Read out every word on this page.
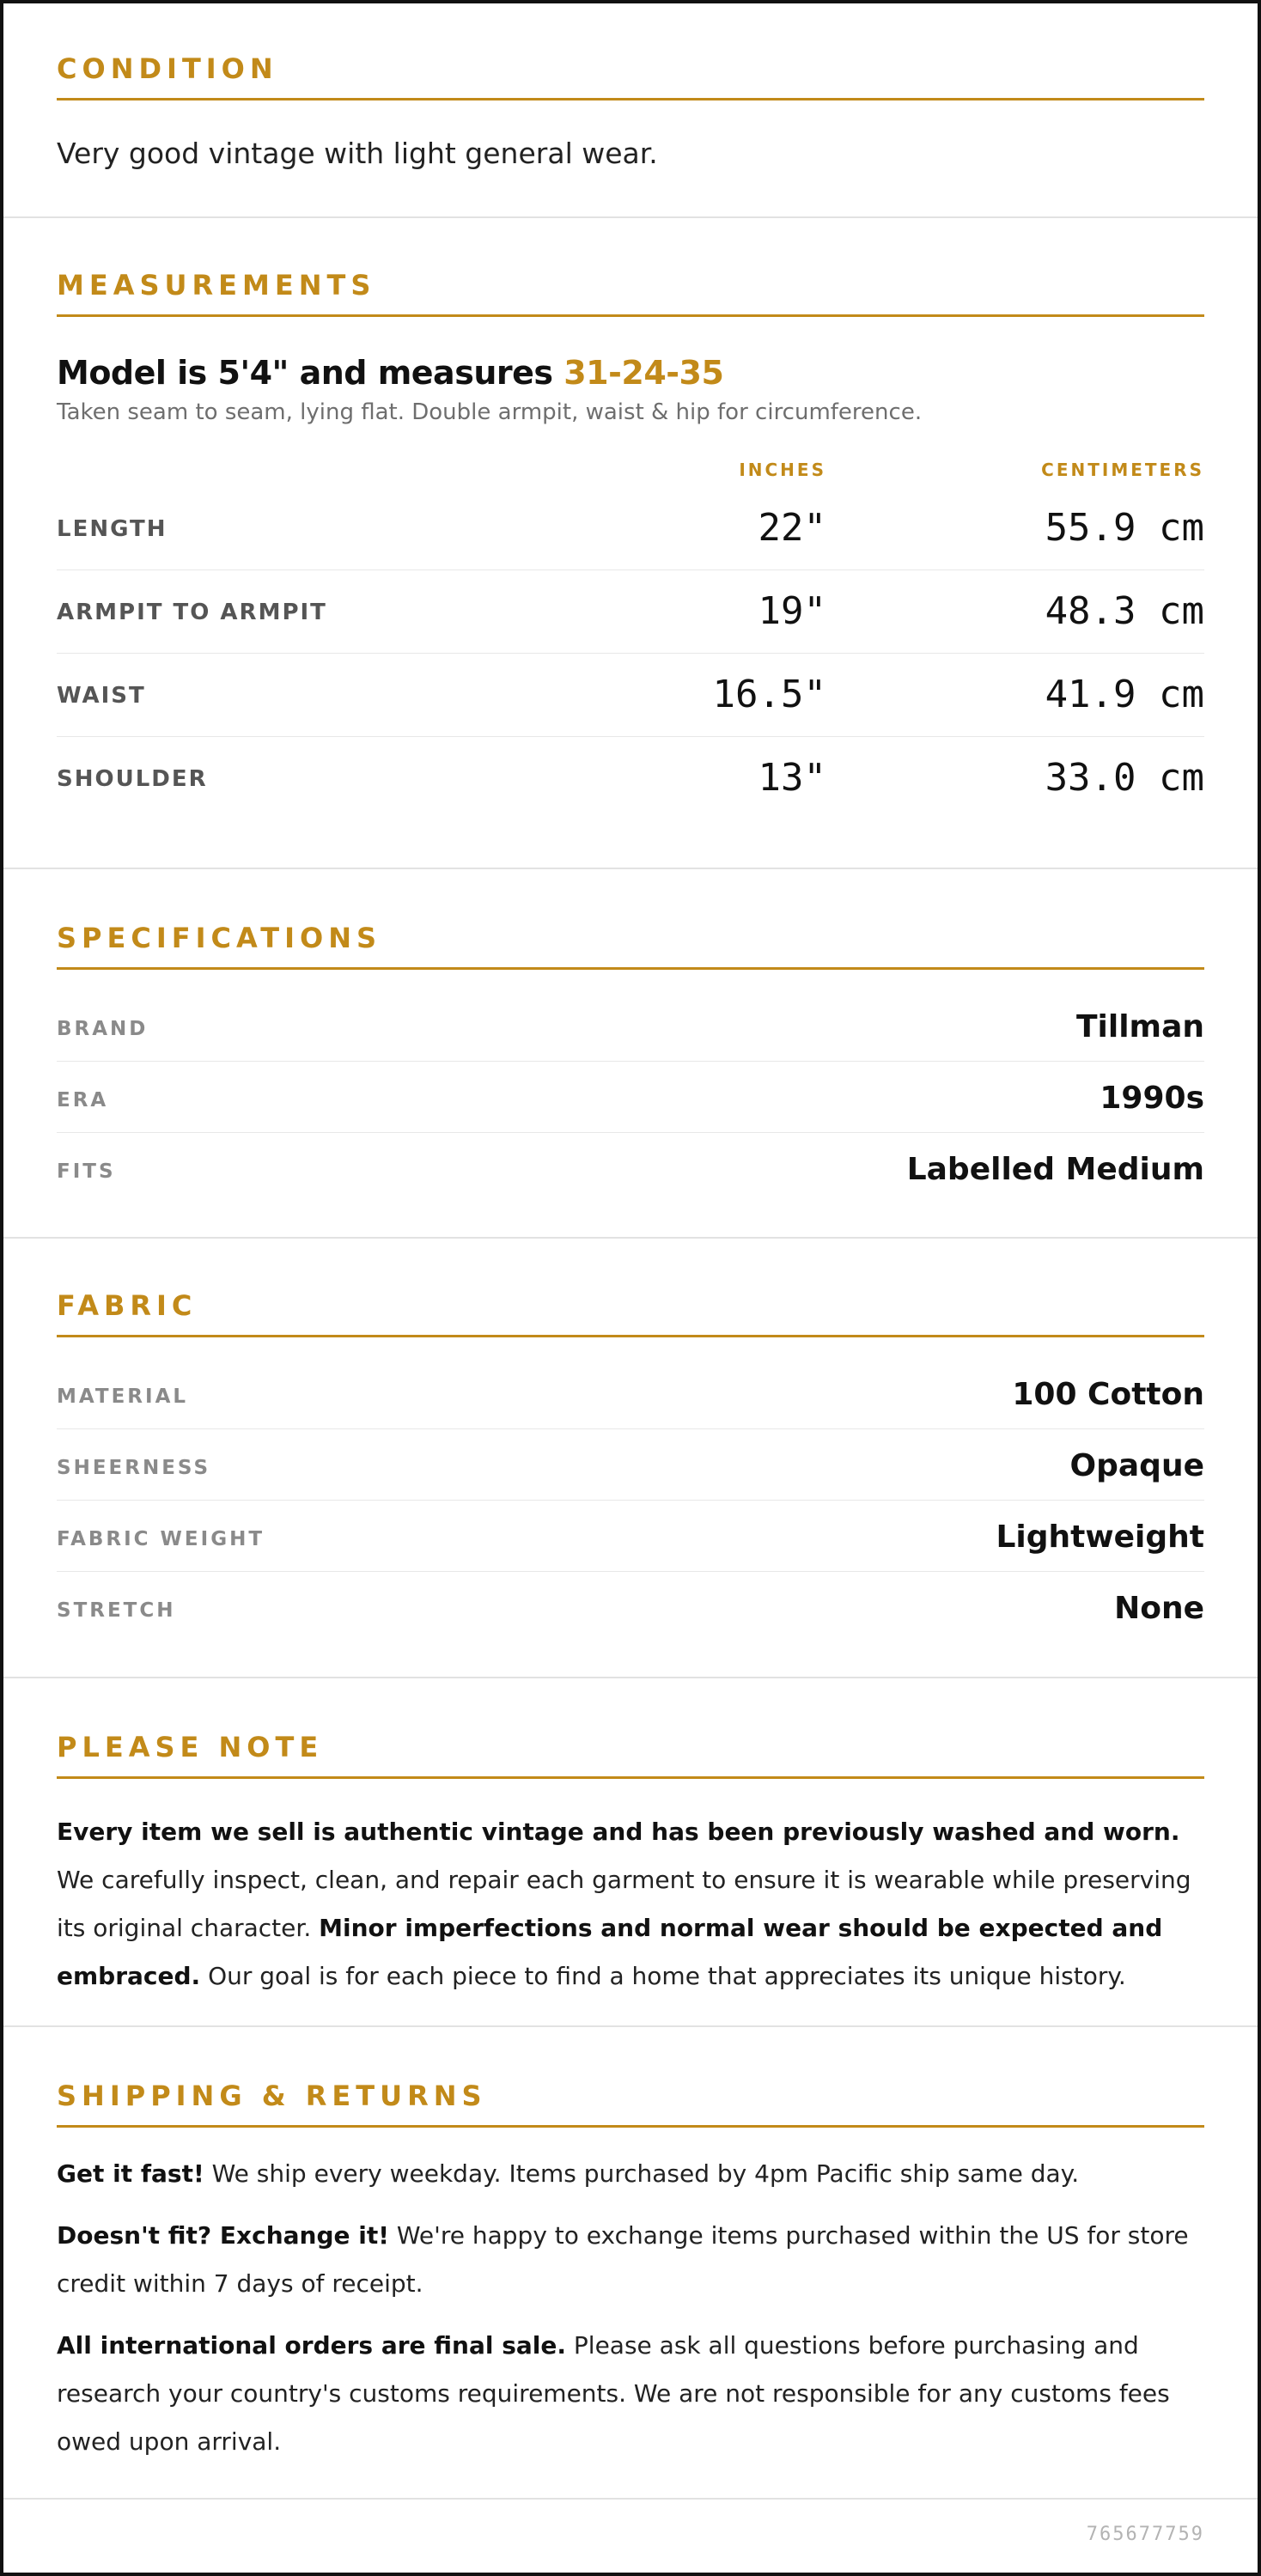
CONDITION
Very good vintage with light general wear.
MEASUREMENTS
Model is 5'4" and measures 31-24-35
Taken seam to seam, lying flat. Double armpit, waist & hip for circumference.
INCHES	CENTIMETERS
LENGTH	22"	55.9 cm
ARMPIT TO ARMPIT	19"	48.3 cm
WAIST	16.5"	41.9 cm
SHOULDER	13"	33.0 cm
SPECIFICATIONS
BRAND	Tillman
ERA	1990s
FITS	Labelled Medium
FABRIC
MATERIAL	100 Cotton
SHEERNESS	Opaque
FABRIC WEIGHT	Lightweight
STRETCH	None
PLEASE NOTE
Every item we sell is authentic vintage and has been previously washed and worn. We carefully inspect, clean, and repair each garment to ensure it is wearable while preserving its original character. Minor imperfections and normal wear should be expected and embraced. Our goal is for each piece to find a home that appreciates its unique history.
SHIPPING & RETURNS

Get it fast! We ship every weekday. Items purchased by 4pm Pacific ship same day.

Doesn't fit? Exchange it! We're happy to exchange items purchased within the US for store credit within 7 days of receipt.

All international orders are final sale. Please ask all questions before purchasing and research your country's customs requirements. We are not responsible for any customs fees owed upon arrival.

765677759
